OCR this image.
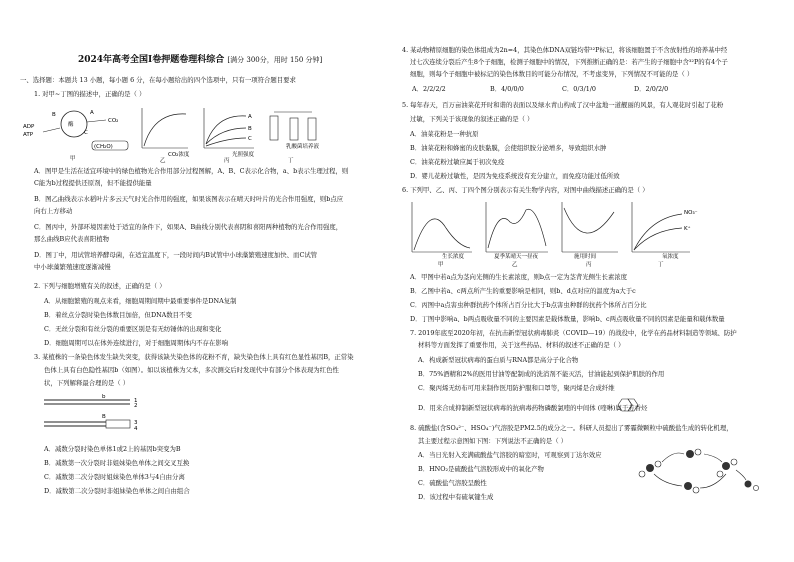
2024年高考全国Ⅰ卷押题卷理科综合 [满分 300分，用时 150 分钟]
一、选择题：本题共 13 小题，每小题 6 分，在每小题给出的四个选项中，只有一项符合题目要求
1. 对甲~丁图的描述中，正确的是（ ）
ATP
ADP	酶
CO₂
(CH₂O)
A
B
C
甲
CO₂浓度
乙
A
B
C
光照强度
丙
乳酸菌培养液
丁
A．图甲是生活在适宜环境中的绿色植物光合作用部分过程图解，A、B、C表示化合物，a、b表示生理过程，则
C能为b过程提供还原剂，但不能提供能量
B．图乙曲线表示水稻叶片多云天气时光合作用的强度，如果该图表示在晴天时叶片的光合作用强度，则b点应
向右上方移动
C．图丙中，外部环境因素处于适宜的条件下，如果A、B曲线分别代表喜阴和喜阳两种植物的光合作用强度，
那么曲线B应代表喜阳植物
D．图丁中，用试管培养酵母菌，在适宜温度下，一段时间内B试管中小球藻繁殖速度加快、而C试管
中小球藻繁殖速度逐渐减慢
2. 下列与细胞增殖有关的叙述，正确的是（ ）
A．从细胞繁殖的观点来看，细胞周期间期中最重要事件是DNA复制
B．着丝点分裂时染色体数目加倍，但DNA数目不变
C．无丝分裂和有丝分裂的重要区别是有无纺锤体的出现和变化
D．细胞周期可以在体外连续进行，对于细胞周期体内不存在影响
3. 某植株的一条染色体发生缺失突变，获得该缺失染色体的花粉不育，缺失染色体上具有红色显性基因B，正常染
色体上具有白色隐性基因b（如图）。如以该植株为父本，多次测交后时发现代中有部分个体表现为红色性
状，下列解释最合理的是（ ）
b
1
2
B
3
4
A．减数分裂时染色单体1或2上的基因b突变为B
B．减数第一次分裂时非姐妹染色单体之间交叉互换
C．减数第二次分裂时姐妹染色单体3与4自由分离
D．减数第二次分裂时非姐妹染色单体之间自由组合
4. 某动物精原细胞的染色体组成为2n=4，其染色体DNA双链均带³²P标记，将该细胞置于不含放射性的培养基中经
过七次连续分裂后产生8个子细胞，检测子细胞中的情况，下列推断正确的是：若产生的子细胞中含³²P的有4个子
细胞，则每个子细胞中被标记的染色体数目的可能分布情况，不考虑变异，下列情况不可能的是（ ）
A．2/2/2/2	B．4/0/0/0	C．0/3/1/0	D．2/0/2/0
5. 每年春天，百万亩油菜花开时和谐的表面以及绿水青山构成了汉中盆地一道靓丽的风景，有人观花时引起了花粉
过敏，下列关于该现象的叙述正确的是（ ）
A．油菜花粉是一种抗原
B．油菜花粉和蜂蜜的皮肤黏膜，会使组织胺分泌增多，导致组织水肿
C．油菜花粉过敏应属于初次免疫
D．婴儿花粉过敏性，是因为免疫系统没有充分建立，而免疫功能过低所致
6. 下列甲、乙、丙、丁四个图分别表示有关生物学内容，对图中曲线描述正确的是（ ）
生长浓度
甲
夏季某晴天一昼夜
乙
施用时间
丙
NO₃⁻
K⁺
氧浓度
丁
A．甲图中若a点为茎向光侧的生长素浓度，则b点一定为茎背光侧生长素浓度
B．乙图中若a、c两点所产生的重要影响是相同，则b、d点对应的温度为a大于c
C．丙图中a点害虫种群抗药个体所占百分比大于b点害虫种群的抗药个体所占百分比
D．丁图中影响a、b两点吸收量不同的主要因素是载体数量，影响b、c两点吸收量不同的因素是能量和载体数量
7. 2019年底至2020年初，在抗击新型冠状病毒肺炎（COVID—19）的战役中，化学在药品材料制造等领域、防护
材料等方面发挥了重要作用，关于这些药品、材料的叙述不正确的是（ ）
A．构成新型冠状病毒的蛋白质与RNA都是高分子化合物
B．75%酒精和2%的医用甘油等配制成的洗消剂不能灭活，甘油能起到保护肌肤的作用
C．聚丙烯无纺布可用来制作医用防护服和口罩等，聚丙烯是合成纤维
D．用来合成抑制新型冠状病毒的抗病毒药物磷酸氯喹的中间体 (喹啉)属于芳香烃
8. 硫酸盐(含SO₄²⁻、HSO₄⁻)气溶胶是PM2.5的成分之一。科研人员提出了雾霾微颗粒中硫酸盐生成的转化机理，
其主要过程示意图如下图：下列说法不正确的是（ ）
A．当日光射入充满硫酸盐气溶胶的暗室时，可观察到丁达尔效应
B．HNO₂是硫酸盐气溶胶形成中的氧化产物
C．硫酸盐气溶胶呈酸性
D．该过程中有硫氧键生成
